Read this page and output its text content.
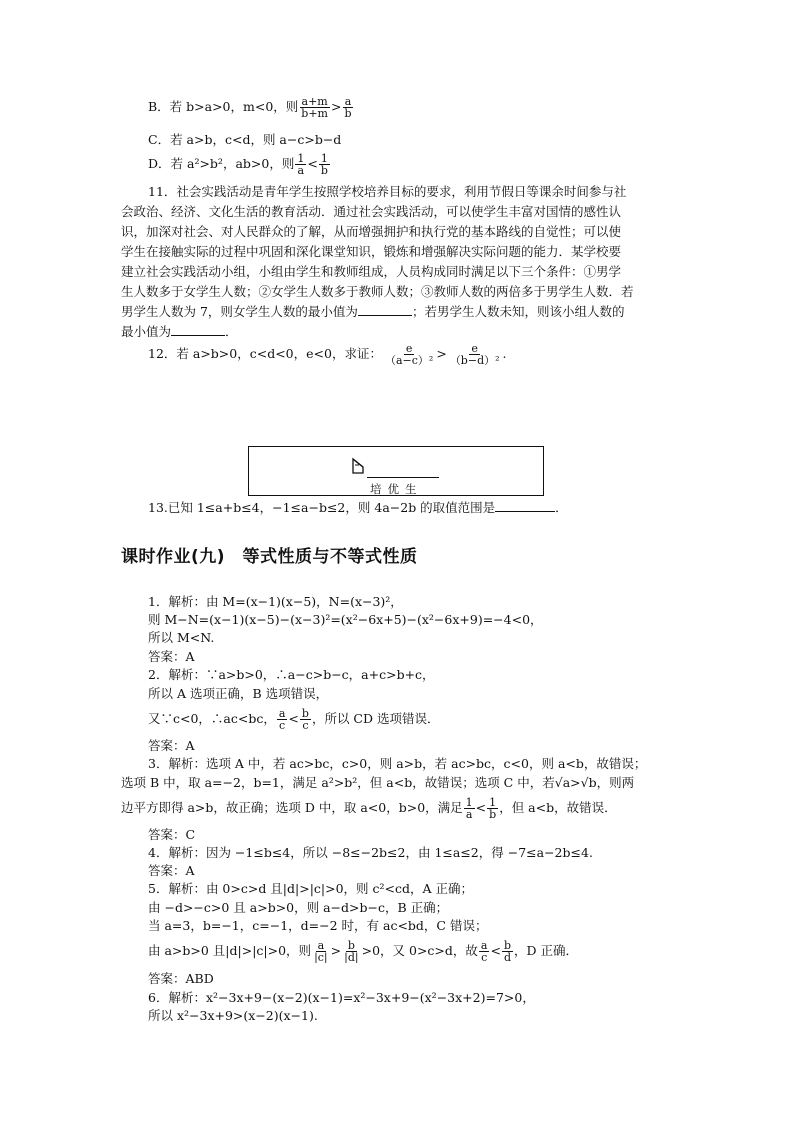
B．若 b>a>0，m<0，则 $\frac{a+m}{b+m} > \frac{a}{b}$
C．若 a>b，c<d，则 a−c>b−d
D．若 a²>b²，ab>0，则 $\frac{1}{a} < \frac{1}{b}$
11．社会实践活动是青年学生按照学校培养目标的要求，利用节假日等课余时间参与社
会政治、经济、文化生活的教育活动．通过社会实践活动，可以使学生丰富对国情的感性认
识，加深对社会、对人民群众的了解，从而增强拥护和执行党的基本路线的自觉性；可以使
学生在接触实际的过程中巩固和深化课堂知识，锻炼和增强解决实际问题的能力．某学校要
建立社会实践活动小组，小组由学生和教师组成，人员构成同时满足以下三个条件：①男学
生人数多于女学生人数；②女学生人数多于教师人数；③教师人数的两倍多于男学生人数．若
男学生人数为 7，则女学生人数的最小值为	；若男学生人数未知，则该小组人数的
最小值为	．
12．若 a>b>0，c<d<0，e<0，求证： $\frac{e}{\text{（a−c）²}} > \frac{e}{\text{（b−d）²}}$ .
培优生
13.已知 1≤a+b≤4，−1≤a−b≤2，则 4a−2b 的取值范围是	．
课时作业(九)　等式性质与不等式性质
1．解析：由 M=(x−1)(x−5)，N=(x−3)²，
则 M−N=(x−1)(x−5)−(x−3)²=(x²−6x+5)−(x²−6x+9)=−4<0，
所以 M<N.
答案：A
2．解析：∵a>b>0，∴a−c>b−c，a+c>b+c，
所以 A 选项正确，B 选项错误，
又∵c<0，∴ac<bc， $\frac{a}{c} < \frac{b}{c}$ ，所以 CD 选项错误．
答案：A
3．解析：选项 A 中，若 ac>bc，c>0，则 a>b，若 ac>bc，c<0，则 a<b，故错误；
选项 B 中，取 a=−2，b=1，满足 a²>b²，但 a<b，故错误；选项 C 中，若√a>√b，则两
边平方即得 a>b，故正确；选项 D 中，取 a<0，b>0，满足 $\frac{1}{a} < \frac{1}{b}$ ，但 a<b，故错误．
答案：C
4．解析：因为 −1≤b≤4，所以 −8≤−2b≤2，由 1≤a≤2，得 −7≤a−2b≤4.
答案：A
5．解析：由 0>c>d 且|d|>|c|>0，则 c²<cd，A 正确；
由 −d>−c>0 且 a>b>0，则 a−d>b−c，B 正确；
当 a=3，b=−1，c=−1，d=−2 时，有 ac<bd，C 错误；
由 a>b>0 且|d|>|c|>0，则 $\frac{a}{|c|} > \frac{b}{|d|} >0$，又 0>c>d，故 $\frac{a}{c} < \frac{b}{d}$ ，D 正确．
答案：ABD
6．解析：x²−3x+9−(x−2)(x−1)=x²−3x+9−(x²−3x+2)=7>0，
所以 x²−3x+9>(x−2)(x−1).
